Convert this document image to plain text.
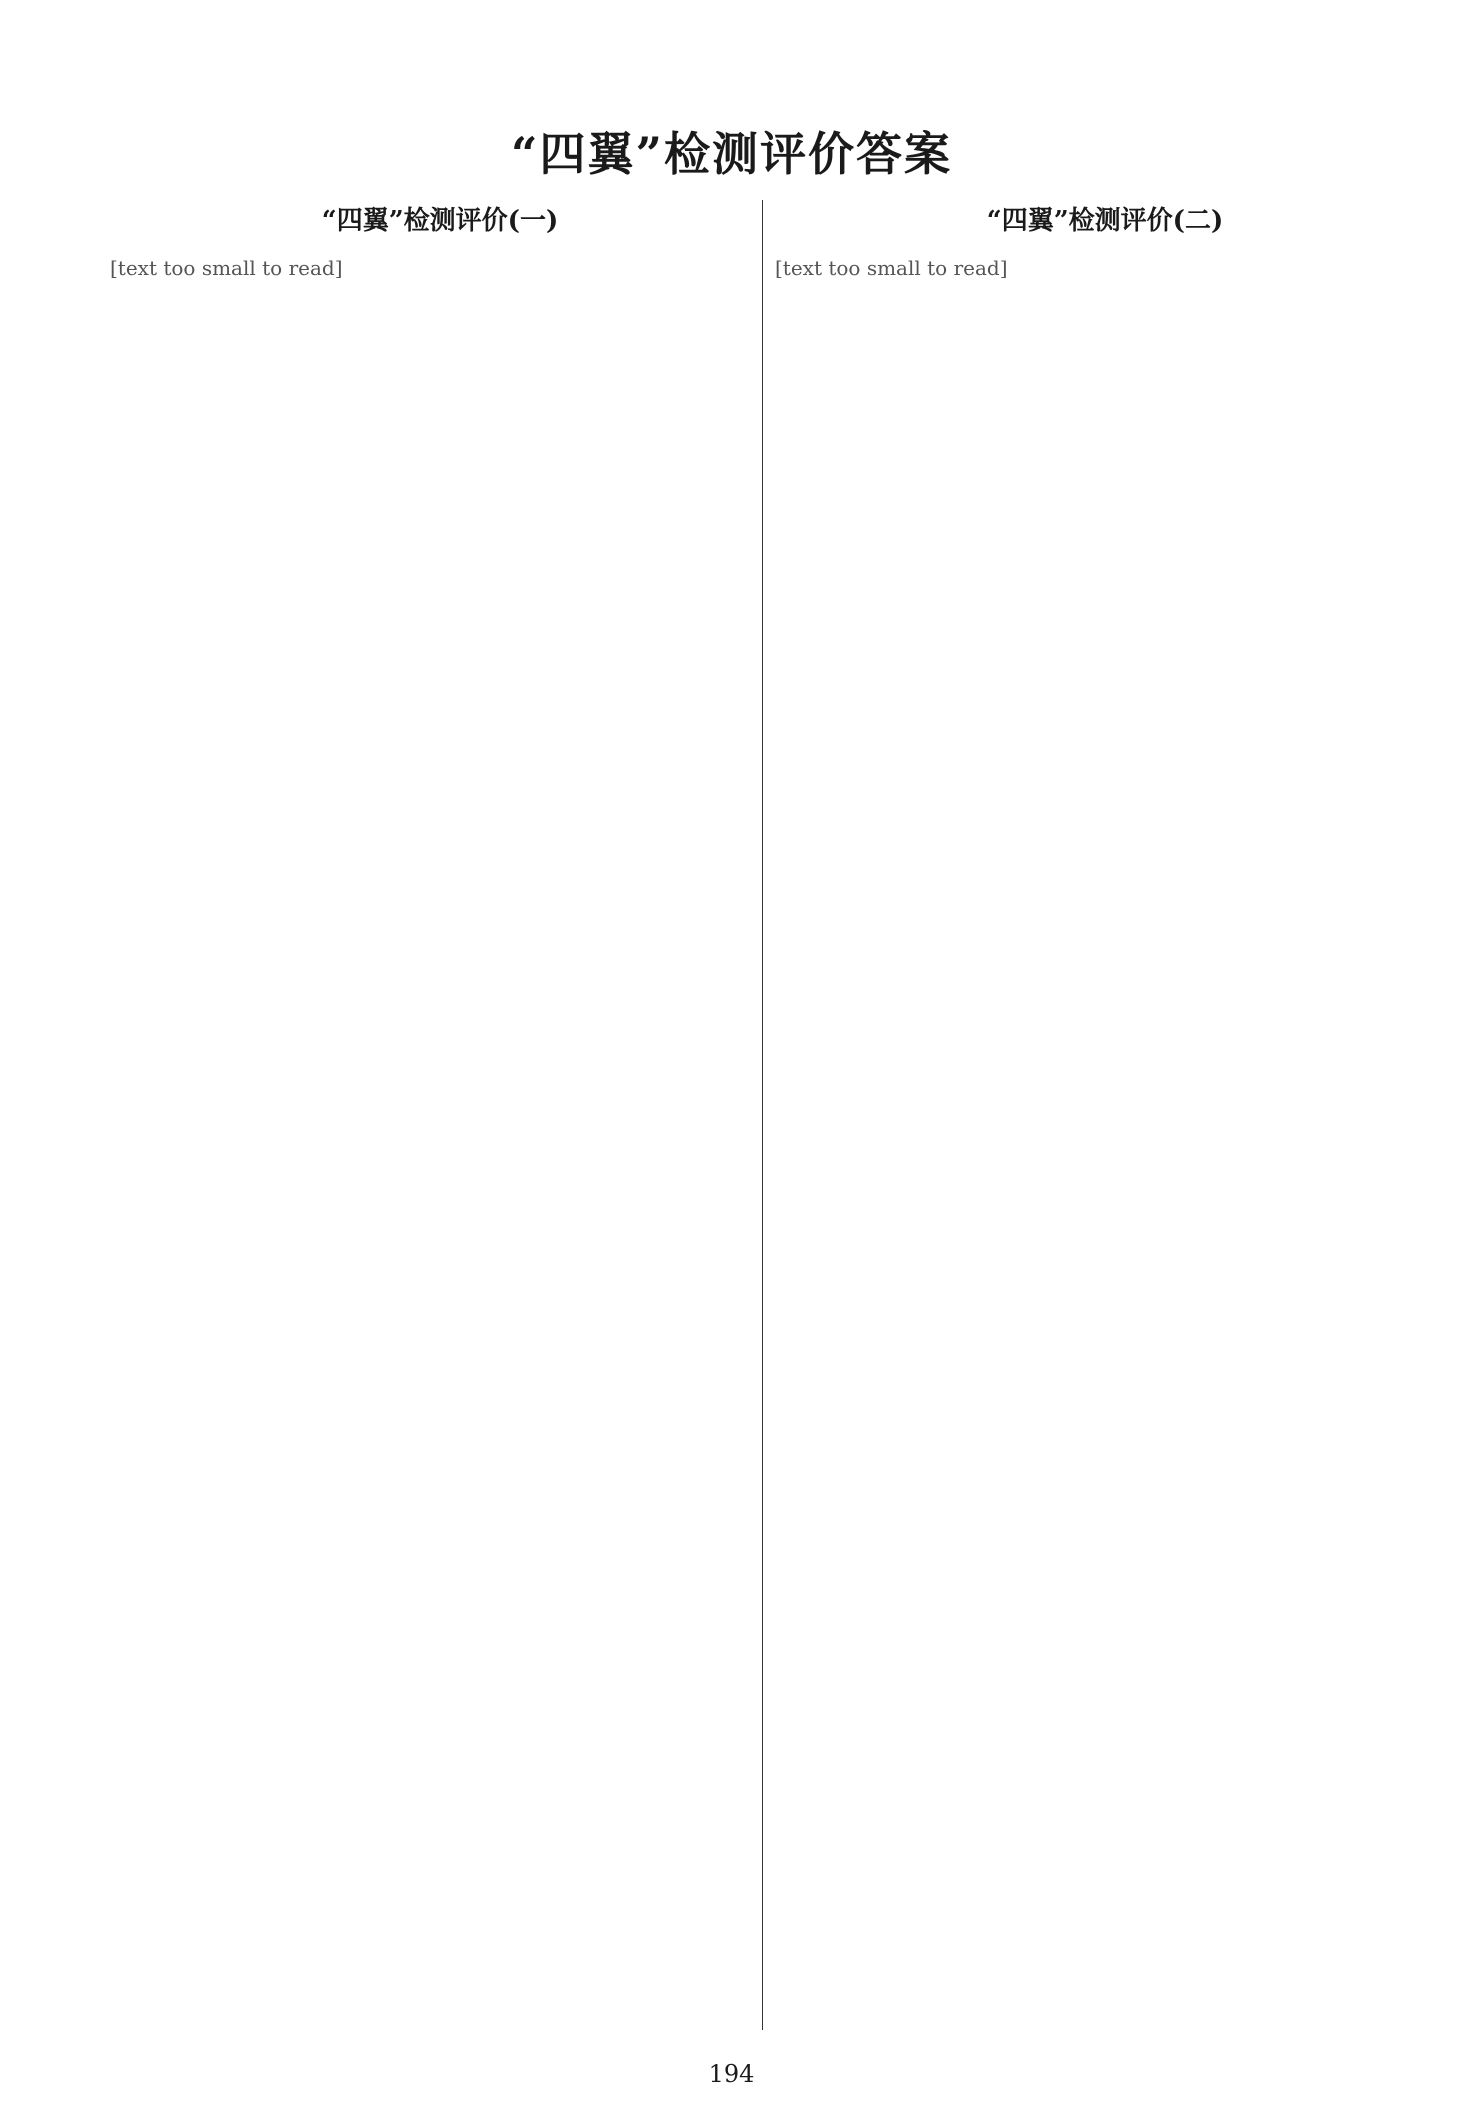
“四翼”检测评价答案
“四翼”检测评价(一)
[text too small to read]
“四翼”检测评价(二)
[text too small to read]
194
